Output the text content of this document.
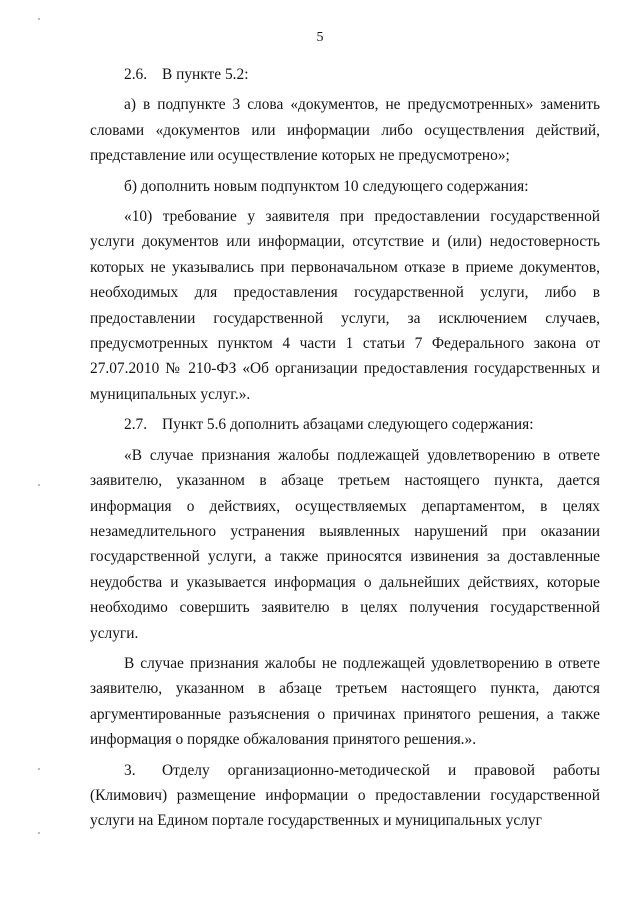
5

2.6. В пункте 5.2:

а) в подпункте 3 слова «документов, не предусмотренных» заменить словами «документов или информации либо осуществления действий, представление или осуществление которых не предусмотрено»;

б) дополнить новым подпунктом 10 следующего содержания:

«10) требование у заявителя при предоставлении государственной услуги документов или информации, отсутствие и (или) недостоверность которых не указывались при первоначальном отказе в приеме документов, необходимых для предоставления государственной услуги, либо в предоставлении государственной услуги, за исключением случаев, предусмотренных пунктом 4 части 1 статьи 7 Федерального закона от 27.07.2010 № 210-ФЗ «Об организации предоставления государственных и муниципальных услуг.».

2.7. Пункт 5.6 дополнить абзацами следующего содержания:

«В случае признания жалобы подлежащей удовлетворению в ответе заявителю, указанном в абзаце третьем настоящего пункта, дается информация о действиях, осуществляемых департаментом, в целях незамедлительного устранения выявленных нарушений при оказании государственной услуги, а также приносятся извинения за доставленные неудобства и указывается информация о дальнейших действиях, которые необходимо совершить заявителю в целях получения государственной услуги.

В случае признания жалобы не подлежащей удовлетворению в ответе заявителю, указанном в абзаце третьем настоящего пункта, даются аргументированные разъяснения о причинах принятого решения, а также информация о порядке обжалования принятого решения.».

3. Отделу организационно-методической и правовой работы (Климович) размещение информации о предоставлении государственной услуги на Едином портале государственных и муниципальных услуг
